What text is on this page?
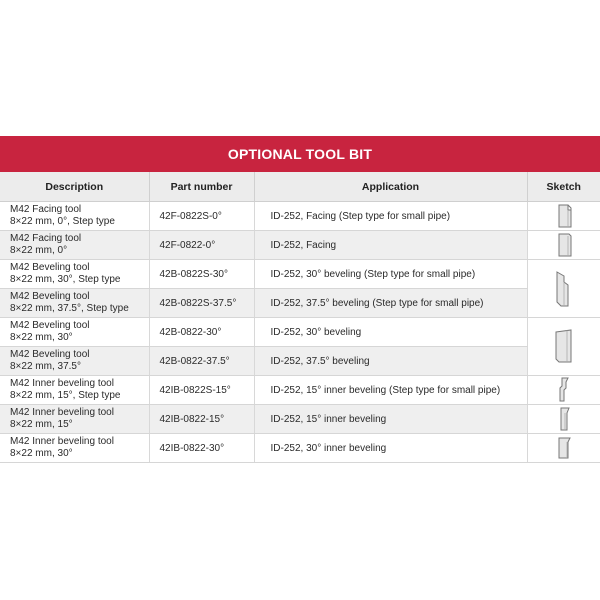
OPTIONAL TOOL BIT
Description	Part number	Application	Sketch

M42 Facing tool
8×22 mm, 0°, Step type	42F-0822S-0°	ID-252, Facing (Step type for small pipe)	

M42 Facing tool
8×22 mm, 0°	42F-0822-0°	ID-252, Facing	

M42 Beveling tool
8×22 mm, 30°, Step type	42B-0822S-30°	ID-252, 30° beveling (Step type for small pipe)	

M42 Beveling tool
8×22 mm, 37.5°, Step type	42B-0822S-37.5°	ID-252, 37.5° beveling (Step type for small pipe)	

M42 Beveling tool
8×22 mm, 30°	42B-0822-30°	ID-252, 30° beveling	

M42 Beveling tool
8×22 mm, 37.5°	42B-0822-37.5°	ID-252, 37.5° beveling	

M42 Inner beveling tool
8×22 mm, 15°, Step type	42IB-0822S-15°	ID-252, 15° inner beveling (Step type for small pipe)	

M42 Inner beveling tool
8×22 mm, 15°	42IB-0822-15°	ID-252, 15° inner beveling	

M42 Inner beveling tool
8×22 mm, 30°	42IB-0822-30°	ID-252, 30° inner beveling	
